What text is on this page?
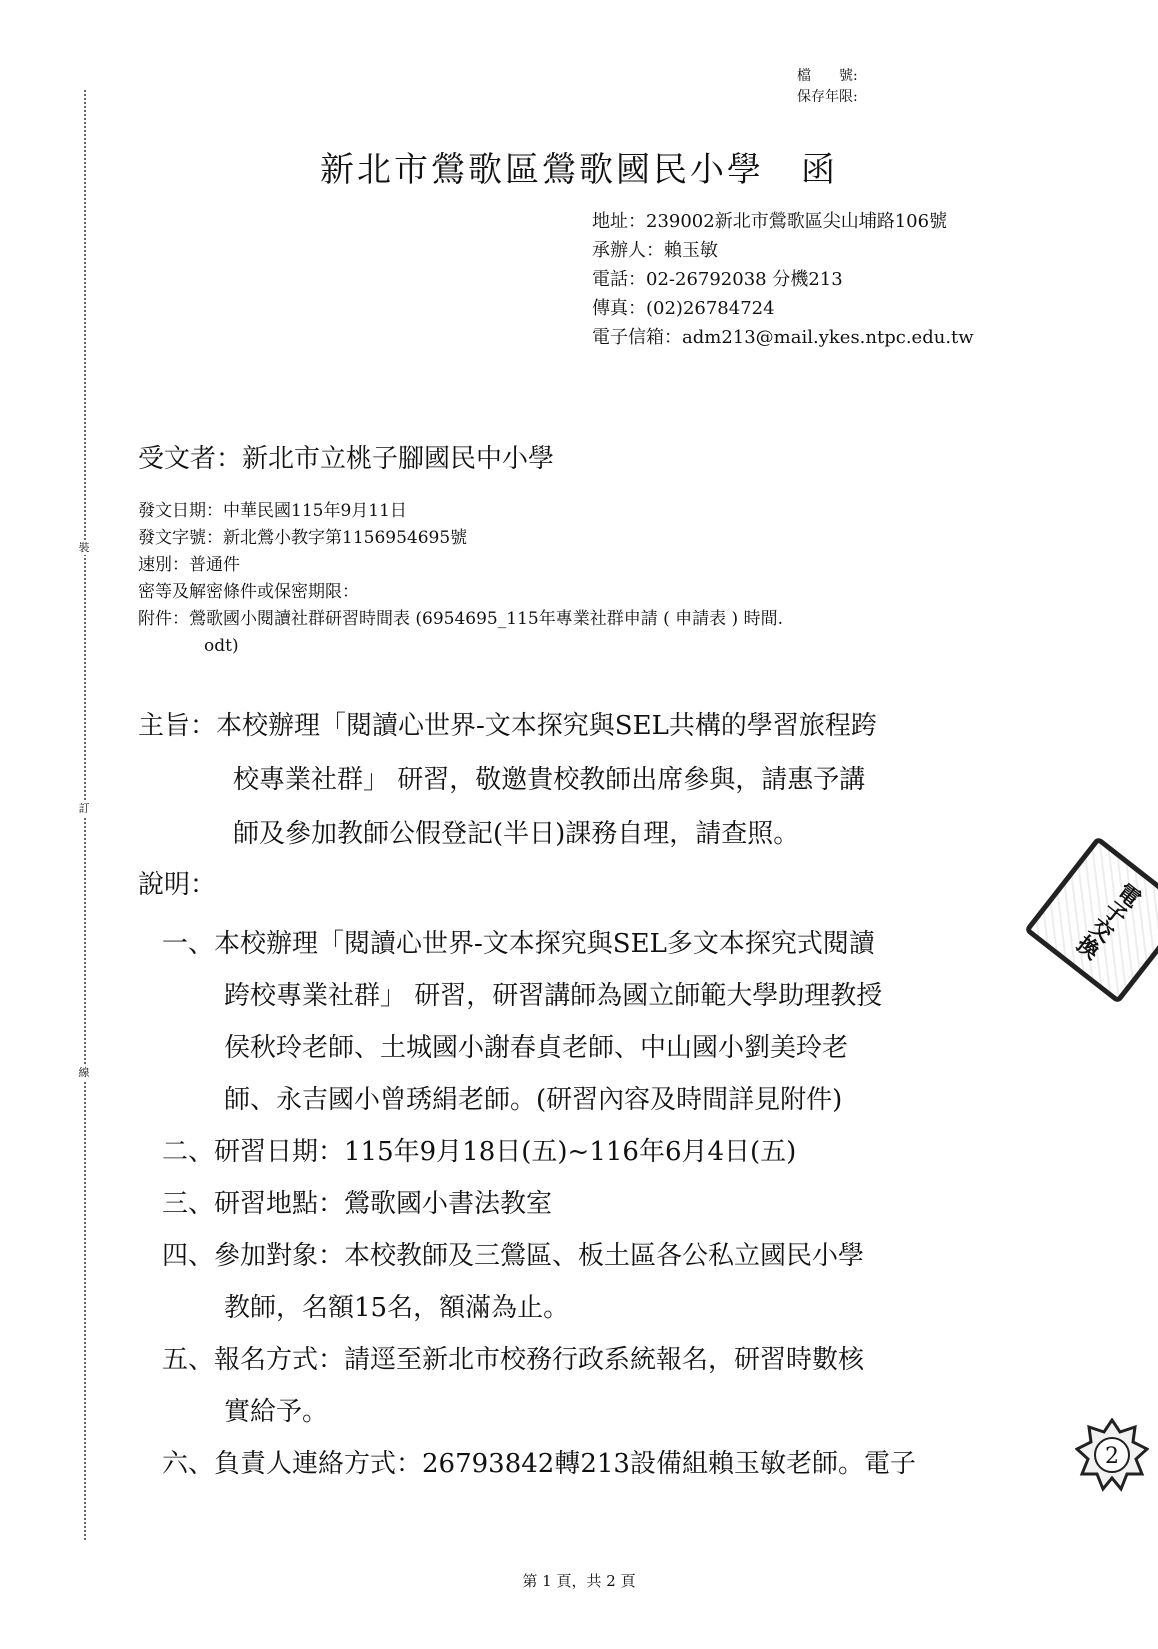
裝
訂
線
檔　　號:
保存年限:
新北市鶯歌區鶯歌國民小學　函
地址：239002新北市鶯歌區尖山埔路106號
承辦人：賴玉敏
電話：02-26792038 分機213
傳真：(02)26784724
電子信箱：adm213@mail.ykes.ntpc.edu.tw
受文者：新北市立桃子腳國民中小學
發文日期：中華民國115年9月11日
發文字號：新北鶯小教字第1156954695號
速別：普通件
密等及解密條件或保密期限：
附件：鶯歌國小閱讀社群研習時間表 (6954695_115年專業社群申請 ( 申請表 ) 時間.
odt)
主旨：本校辦理「閱讀心世界-文本探究與SEL共構的學習旅程跨
校專業社群」 研習，敬邀貴校教師出席參與，請惠予講
師及參加教師公假登記(半日)課務自理，請查照。
說明：
一、本校辦理「閱讀心世界-文本探究與SEL多文本探究式閱讀
跨校專業社群」 研習，研習講師為國立師範大學助理教授
侯秋玲老師、土城國小謝春貞老師、中山國小劉美玲老
師、永吉國小曾琇絹老師。(研習內容及時間詳見附件)
二、研習日期：115年9月18日(五)~116年6月4日(五)
三、研習地點：鶯歌國小書法教室
四、參加對象：本校教師及三鶯區、板土區各公私立國民小學
教師，名額15名，額滿為止。
五、報名方式：請逕至新北市校務行政系統報名，研習時數核
實給予。
六、負責人連絡方式：26793842轉213設備組賴玉敏老師。電子
電子交換
2
第 1 頁，共 2 頁
